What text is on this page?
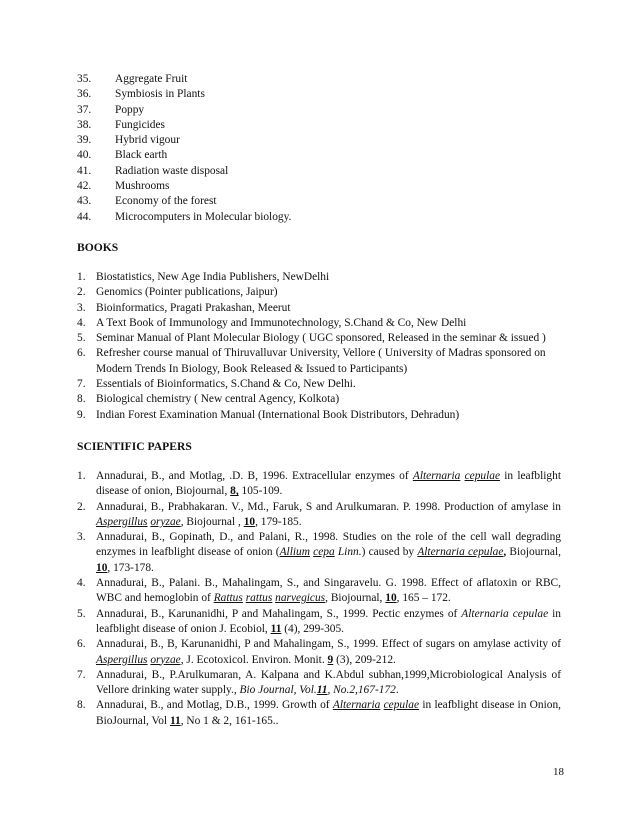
35. Aggregate Fruit
36. Symbiosis in Plants
37. Poppy
38. Fungicides
39. Hybrid vigour
40. Black earth
41. Radiation waste disposal
42. Mushrooms
43. Economy of the forest
44. Microcomputers in Molecular biology.
BOOKS
1. Biostatistics, New Age India Publishers, NewDelhi
2. Genomics (Pointer publications, Jaipur)
3. Bioinformatics, Pragati Prakashan, Meerut
4. A Text Book of Immunology and Immunotechnology, S.Chand & Co, New Delhi
5. Seminar Manual of Plant Molecular Biology ( UGC sponsored, Released in the seminar & issued )
6. Refresher course manual of Thiruvalluvar University, Vellore ( University of Madras sponsored on
Modern Trends In Biology, Book Released & Issued to Participants)
7. Essentials of Bioinformatics, S.Chand & Co, New Delhi.
8. Biological chemistry ( New central Agency, Kolkota)
9. Indian Forest Examination Manual (International Book Distributors, Dehradun)
SCIENTIFIC PAPERS
1. Annadurai, B., and Motlag, .D. B, 1996. Extracellular enzymes of Alternaria cepulae in leafblight disease of onion, Biojournal, 8, 105-109.
2. Annadurai, B., Prabhakaran. V., Md., Faruk, S and Arulkumaran. P. 1998. Production of amylase in Aspergillus oryzae, Biojournal , 10, 179-185.
3. Annadurai, B., Gopinath, D., and Palani, R., 1998. Studies on the role of the cell wall degrading enzymes in leafblight disease of onion (Allium cepa Linn.) caused by Alternaria cepulae, Biojournal, 10, 173-178.
4. Annadurai, B., Palani. B., Mahalingam, S., and Singaravelu. G. 1998. Effect of aflatoxin or RBC, WBC and hemoglobin of Rattus rattus narvegicus, Biojournal, 10, 165 – 172.
5. Annadurai, B., Karunanidhi, P and Mahalingam, S., 1999. Pectic enzymes of Alternaria cepulae in leafblight disease of onion J. Ecobiol, 11 (4), 299-305.
6. Annadurai, B., B, Karunanidhi, P and Mahalingam, S., 1999. Effect of sugars on amylase activity of Aspergillus oryzae, J. Ecotoxicol. Environ. Monit. 9 (3), 209-212.
7. Annadurai, B., P.Arulkumaran, A. Kalpana and K.Abdul subhan,1999,Microbiological Analysis of Vellore drinking water supply., Bio Journal, Vol.11, No.2,167-172.
8. Annadurai, B., and Motlag, D.B., 1999. Growth of Alternaria cepulae in leafblight disease in Onion, BioJournal, Vol 11, No 1 & 2, 161-165..
18
